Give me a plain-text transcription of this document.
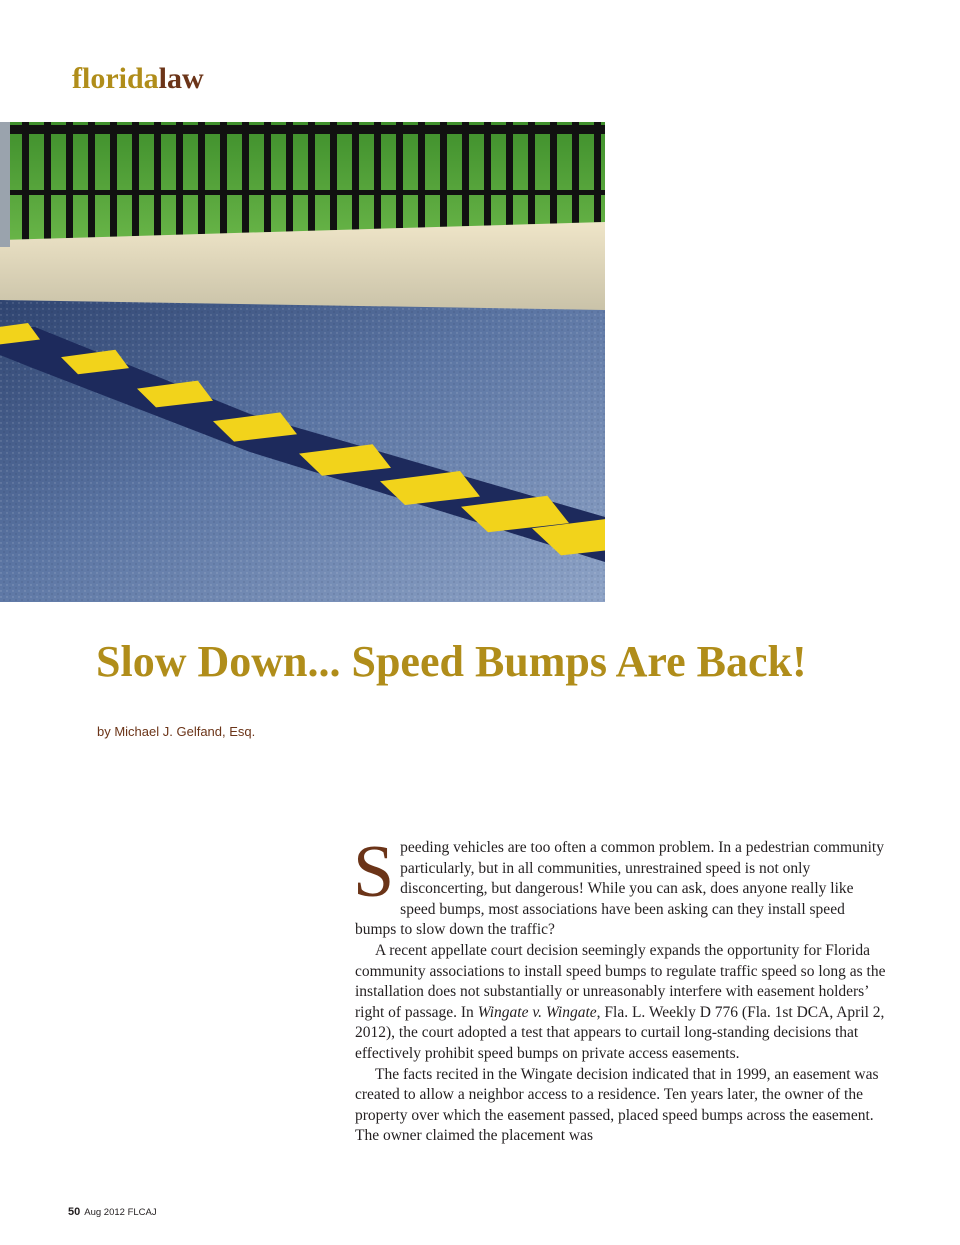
floridalaw
Slow Down... Speed Bumps Are Back!
by Michael J. Gelfand, Esq.

Speeding vehicles are too often a common problem. In a pedestrian community particularly, but in all communities, unrestrained speed is not only disconcerting, but dangerous! While you can ask, does anyone really like speed bumps, most associations have been asking can they install speed bumps to slow down the traffic?

A recent appellate court decision seemingly expands the opportunity for Florida community associations to install speed bumps to regulate traffic speed so long as the installation does not substantially or unreasonably interfere with easement holders’ right of passage. In Wingate v. Wingate, Fla. L. Weekly D 776 (Fla. 1st DCA, April 2, 2012), the court adopted a test that appears to curtail long-standing decisions that effectively prohibit speed bumps on private access easements.

The facts recited in the Wingate decision indicated that in 1999, an easement was created to allow a neighbor access to a residence. Ten years later, the owner of the property over which the easement passed, placed speed bumps across the easement. The owner claimed the placement was

50 Aug 2012 FLCAJ
